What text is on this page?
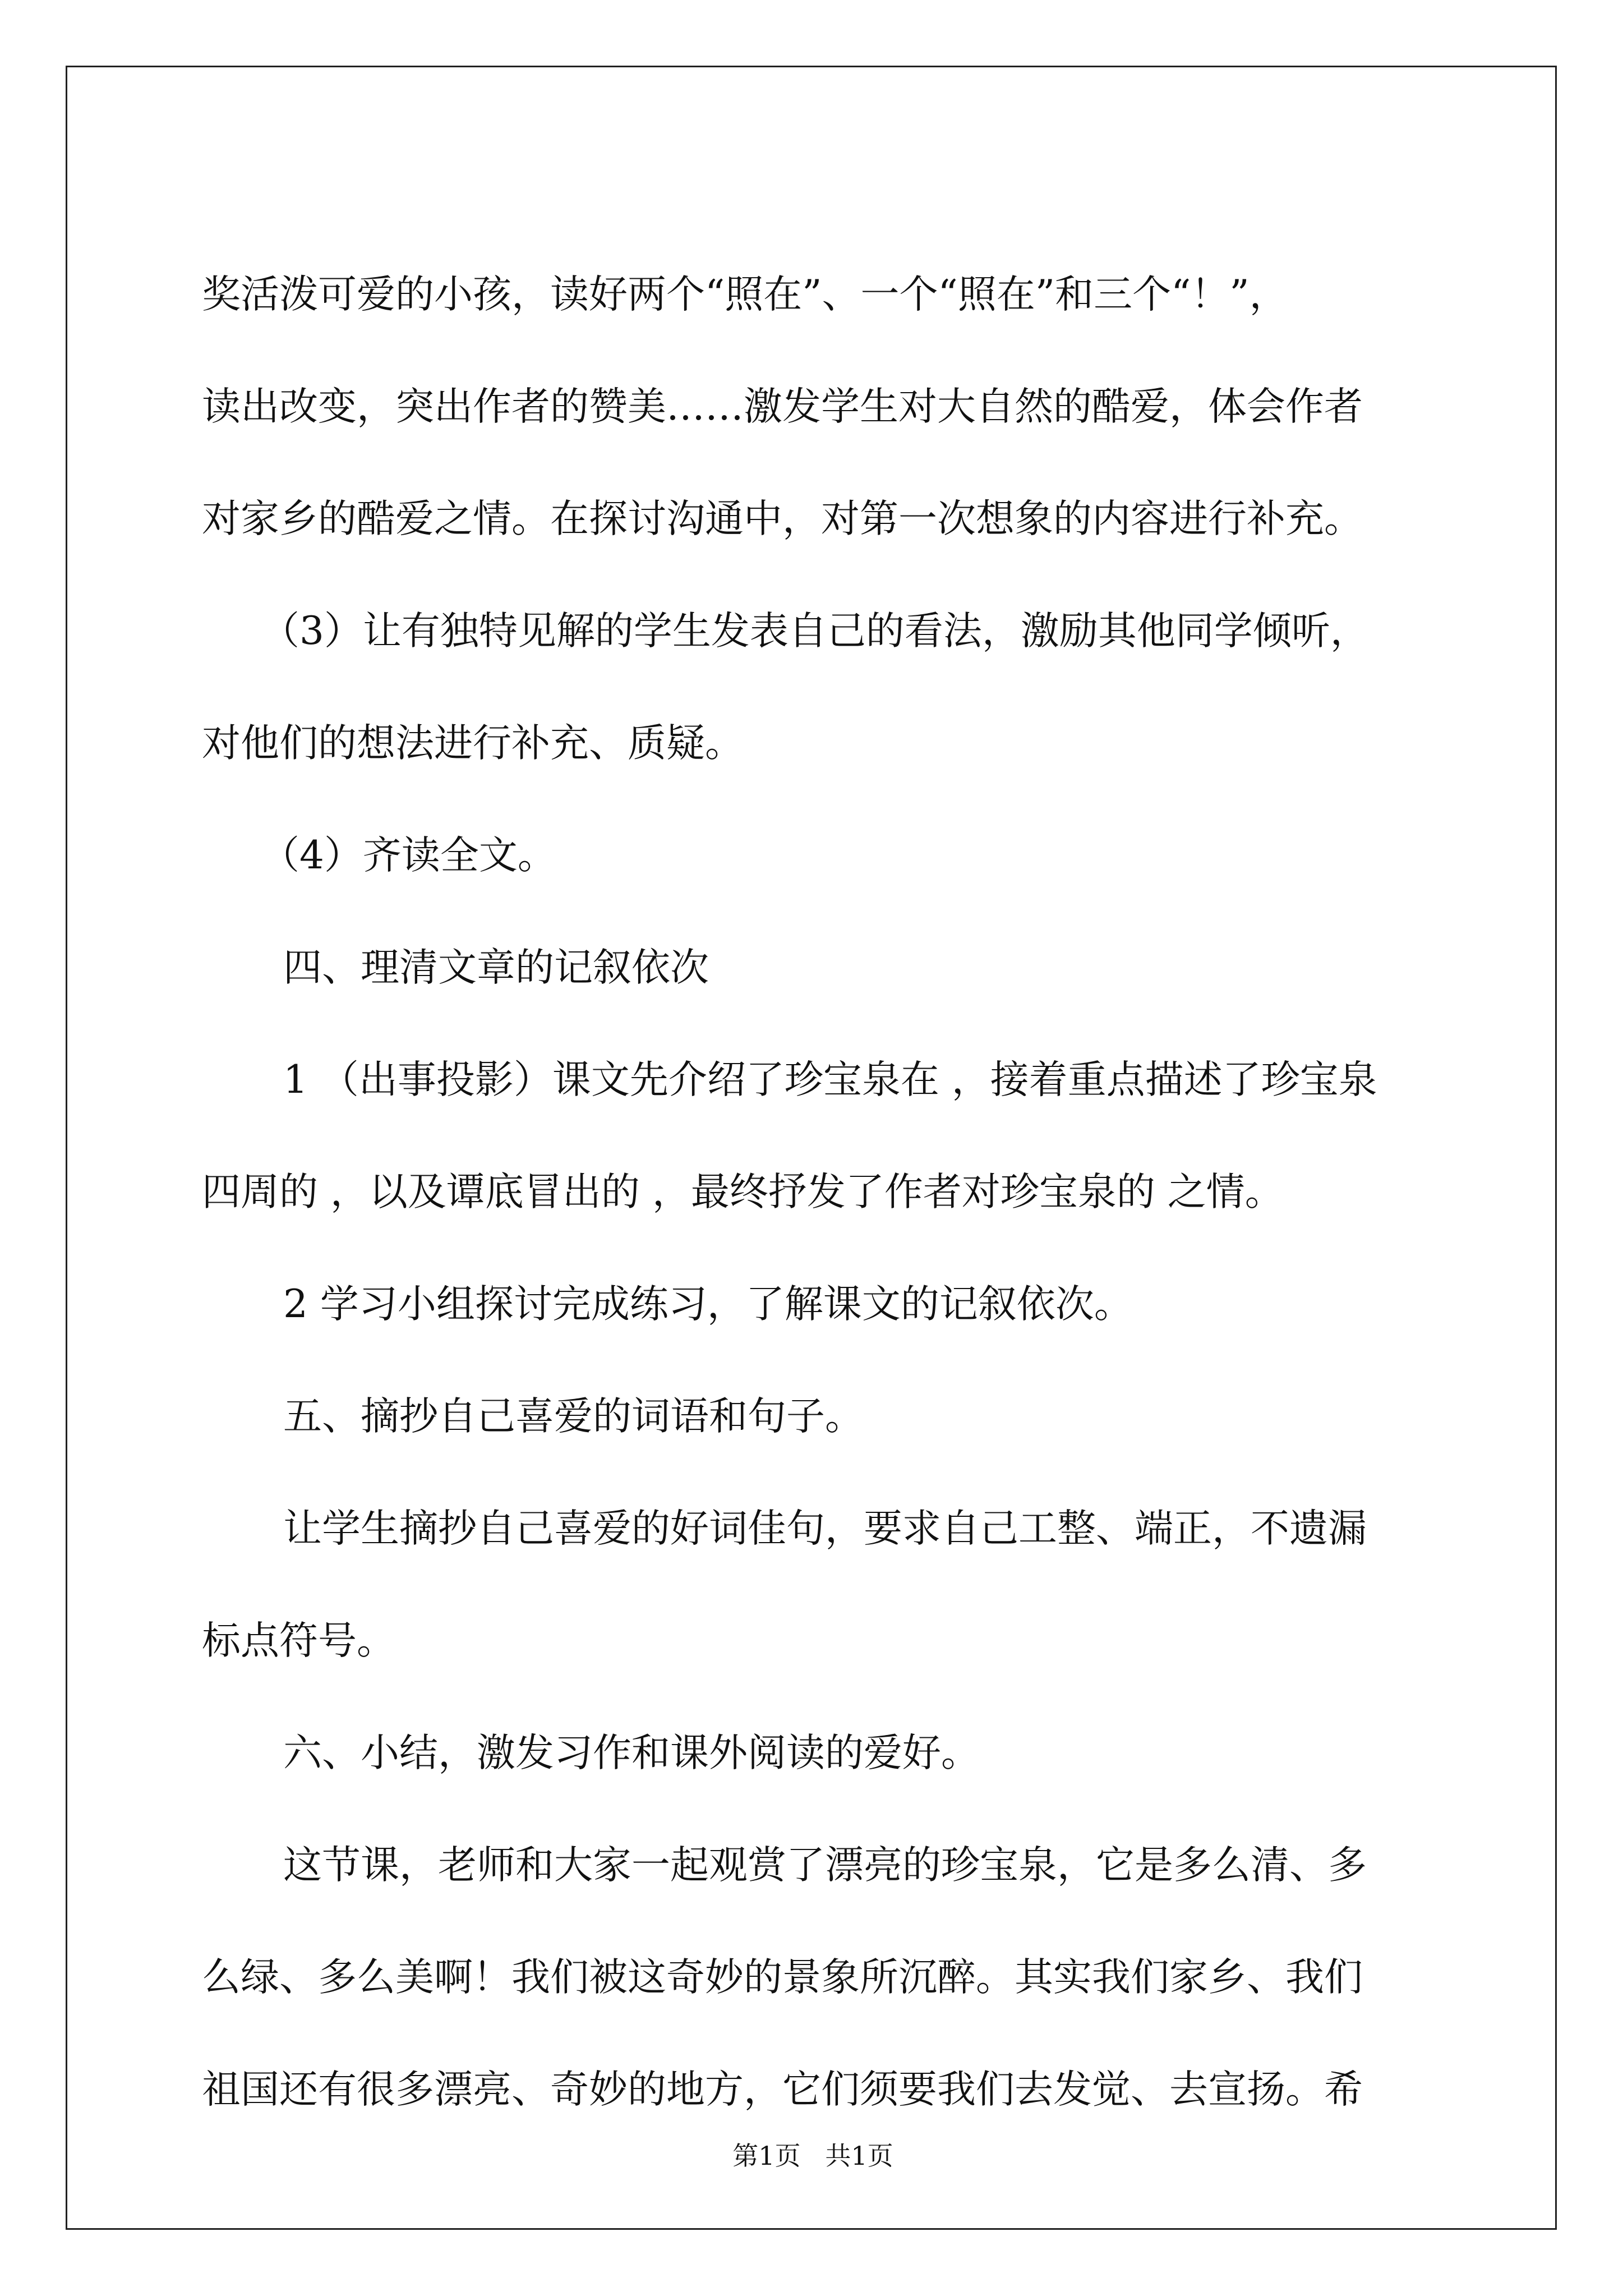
奖活泼可爱的小孩，读好两个“照在”、一个“照在”和三个“！”，
读出改变，突出作者的赞美……激发学生对大自然的酷爱，体会作者
对家乡的酷爱之情。在探讨沟通中，对第一次想象的内容进行补充。
（3）让有独特见解的学生发表自己的看法，激励其他同学倾听，
对他们的想法进行补充、质疑。
（4）齐读全文。
四、理清文章的记叙依次
1 （出事投影）课文先介绍了珍宝泉在 ，接着重点描述了珍宝泉
四周的 ，以及谭底冒出的 ，最终抒发了作者对珍宝泉的 之情。
2 学习小组探讨完成练习，了解课文的记叙依次。
五、摘抄自己喜爱的词语和句子。
让学生摘抄自己喜爱的好词佳句，要求自己工整、端正，不遗漏
标点符号。
六、小结，激发习作和课外阅读的爱好。
这节课，老师和大家一起观赏了漂亮的珍宝泉，它是多么清、多
么绿、多么美啊！我们被这奇妙的景象所沉醉。其实我们家乡、我们
祖国还有很多漂亮、奇妙的地方，它们须要我们去发觉、去宣扬。希
第1页   共1页
